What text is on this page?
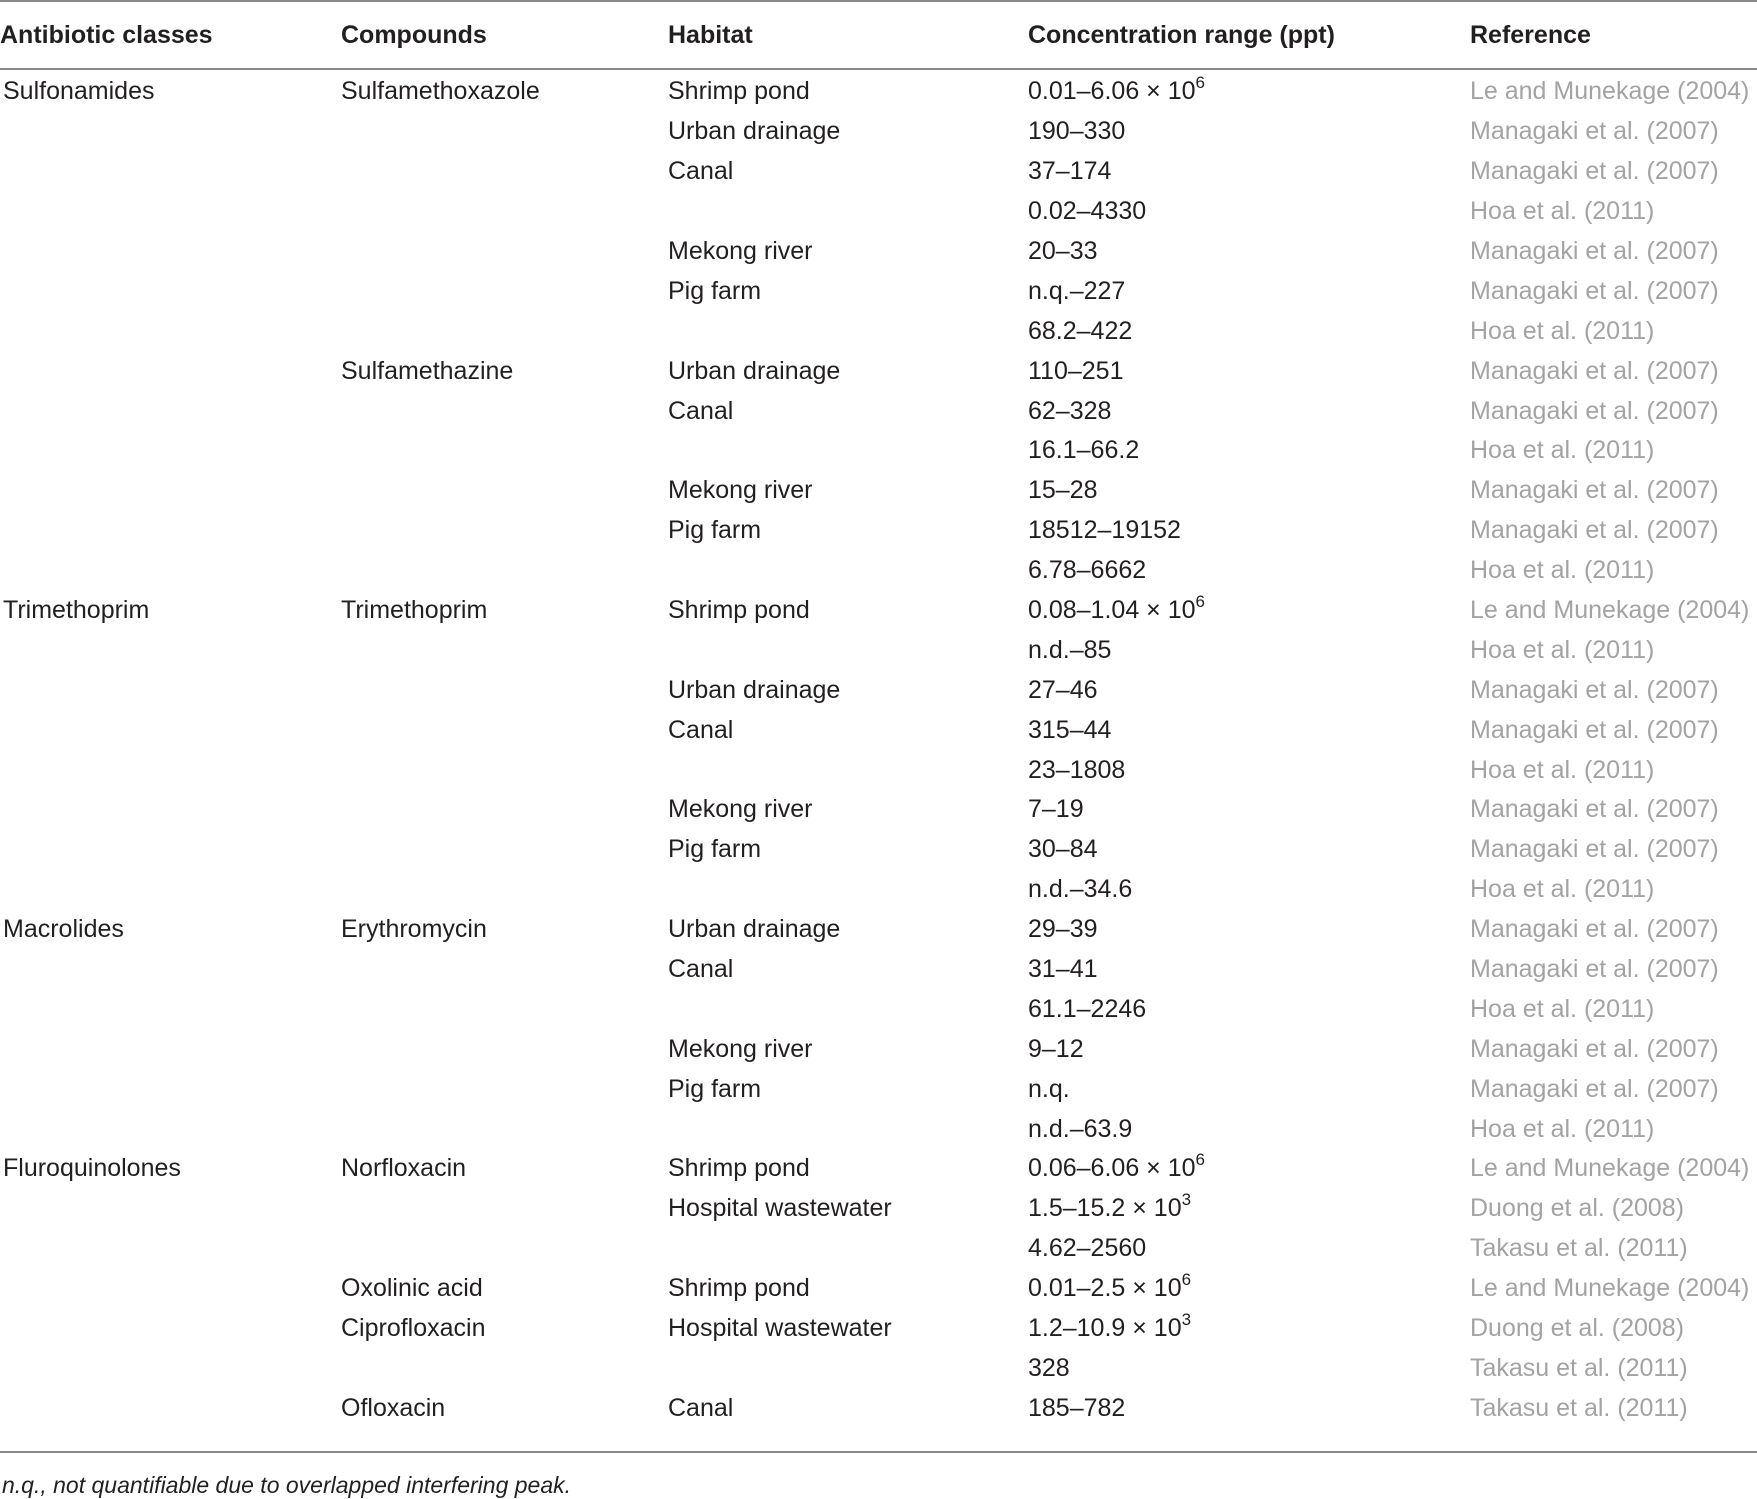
Antibiotic classes	Compounds	Habitat	Concentration range (ppt)	Reference

Sulfonamides	Sulfamethoxazole	Shrimp pond	$0.01-6.06 \times 10^6$	Le and Munekage (2004)
		Urban drainage	190–330	Managaki et al. (2007)
		Canal	37–174	Managaki et al. (2007)
			0.02–4330	Hoa et al. (2011)
		Mekong river	20–33	Managaki et al. (2007)
		Pig farm	n.q.–227	Managaki et al. (2007)
			68.2–422	Hoa et al. (2011)
	Sulfamethazine	Urban drainage	110–251	Managaki et al. (2007)
		Canal	62–328	Managaki et al. (2007)
			16.1–66.2	Hoa et al. (2011)
		Mekong river	15–28	Managaki et al. (2007)
		Pig farm	18512–19152	Managaki et al. (2007)
			6.78–6662	Hoa et al. (2011)
Trimethoprim	Trimethoprim	Shrimp pond	$0.08-1.04 \times 10^6$	Le and Munekage (2004)
			n.d.–85	Hoa et al. (2011)
		Urban drainage	27–46	Managaki et al. (2007)
		Canal	315–44	Managaki et al. (2007)
			23–1808	Hoa et al. (2011)
		Mekong river	7–19	Managaki et al. (2007)
		Pig farm	30–84	Managaki et al. (2007)
			n.d.–34.6	Hoa et al. (2011)
Macrolides	Erythromycin	Urban drainage	29–39	Managaki et al. (2007)
		Canal	31–41	Managaki et al. (2007)
			61.1–2246	Hoa et al. (2011)
		Mekong river	9–12	Managaki et al. (2007)
		Pig farm	n.q.	Managaki et al. (2007)
			n.d.–63.9	Hoa et al. (2011)
Fluroquinolones	Norfloxacin	Shrimp pond	$0.06-6.06 \times 10^6$	Le and Munekage (2004)
		Hospital wastewater	$1.5-15.2 \times 10^3$	Duong et al. (2008)
			4.62–2560	Takasu et al. (2011)
	Oxolinic acid	Shrimp pond	$0.01-2.5 \times 10^6$	Le and Munekage (2004)
	Ciprofloxacin	Hospital wastewater	$1.2-10.9 \times 10^3$	Duong et al. (2008)
			328	Takasu et al. (2011)
	Ofloxacin	Canal	185–782	Takasu et al. (2011)
n.q., not quantifiable due to overlapped interfering peak.
